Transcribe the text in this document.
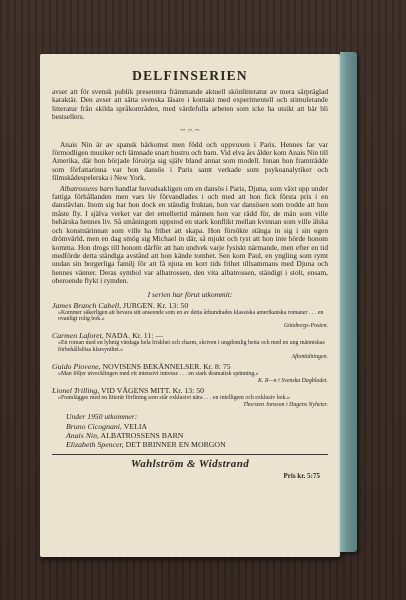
DELFINSERIEN

avser att för svensk publik presentera främmande aktuell skönlitteratur av mera särpräglad karaktär. Den avser att sätta svenska läsare i kontakt med experimentell och stimulerande litteratur från skilda språkområden, med värdefulla arbeten som icke ha utsikt att bär bli bestsellers.

~ 𝄐 ~

Anais Nin är av spansk härkomst men född och uppvuxen i Paris. Hennes far var förmodligen musiker och lämnade snart hustru och barn. Vid elva års ålder kom Anais Nin till Amerika, där hon började försörja sig själv bland annat som modell. Innan hon framträdde som författarinna var hon dansös i Paris samt verkade som psykoanalytiker och filmskådespelerska i New York.

Albatrossens barn handlar huvudsakligen om en dansös i Paris, Djuna, som växt upp under fattiga förhållanden men vars liv förvandlades i och med att hon fick första pris i en danstävlan. Inom sig bar hon dock en ständig fruktan, hon var dansösen som trodde att hon måste fly. I själva verket var det emellertid männen hon var rädd för, de män som ville behärska hennes liv. Så småningom uppstod en stark konflikt mellan kvinnan som ville älska och konstnärinnan som ville ha frihet att skapa. Hon försökte stänga in sig i sin egen drömvärld, men en dag smög sig Michael in där, så mjukt och tyst att hon inte hörde honom komma. Hon drogs till honom därför att han undvek varje fysiskt närmande, men efter en tid medförde detta ständiga avstånd att hon kände tomhet. Sen kom Paul, en yngling som rymt undan sin borgerliga familj för att få njuta en kort tids frihet tillsammans med Djuna och hennes vänner. Deras symbol var albatrossen, den vita albatrossen, ständigt i stolt, ensam, oberoende flykt i rymden.

I serien har förut utkommit:
James Branch Cabell, JURGEN. Kr. 13: 50
»Kommer säkerligen att bevara sitt anseende som en av detta århundrades klassiska amerikanska romaner . . . en ovanligt rolig bok.»
Göteborgs-Posten.
Carmen Laforet, NADA. Kr. 11: —
»En roman med en lyhnig värdaga hela friskhet och charm, skriven i ungdomlig betta och med en ung människas förbehållslösa klarsynthet.»
Aftontidningen.
Guido Piovene, NOVISENS BEKÄNNELSER. Kr. 8: 75
»Man följer utvecklingen med ett intensivt intresse . . . en stark dramatisk spänning.»
K. R—n i Svenska Dagbladet.
Lionel Trilling, VID VÄGENS MITT. Kr. 13: 50
»Framlägges med en litterär förfining som står exklusivt nära . . . en intelligent och exklusiv bok.»
Thorsten Jonsson i Dagens Nyheter.
Under 1950 utkommer:
Bruno Cicognani, VELIA
Anais Nin, ALBATROSSENS BARN
Elizabeth Spencer, DET BRINNER EN MORGON
Wahlström & Widstrand
Pris kr. 5:75
